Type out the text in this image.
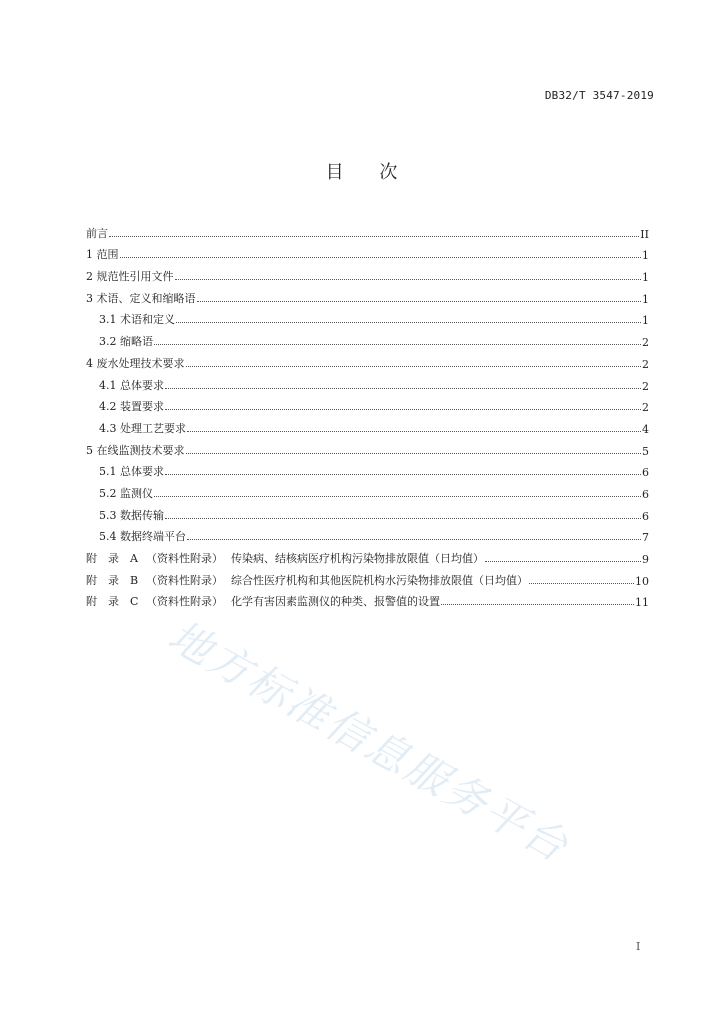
DB32/T 3547-2019
目 次
前言	II
1 范围	1
2 规范性引用文件	1
3 术语、定义和缩略语	1
3.1 术语和定义	1
3.2 缩略语	2
4 废水处理技术要求	2
4.1 总体要求	2
4.2 装置要求	2
4.3 处理工艺要求	4
5 在线监测技术要求	5
5.1 总体要求	6
5.2 监测仪	6
5.3 数据传输	6
5.4 数据终端平台	7
附 录 A （资料性附录） 传染病、结核病医疗机构污染物排放限值（日均值）	9
附 录 B （资料性附录） 综合性医疗机构和其他医院机构水污染物排放限值（日均值）	10
附 录 C （资料性附录） 化学有害因素监测仪的种类、报警值的设置	11
地方标准信息服务平台
I
